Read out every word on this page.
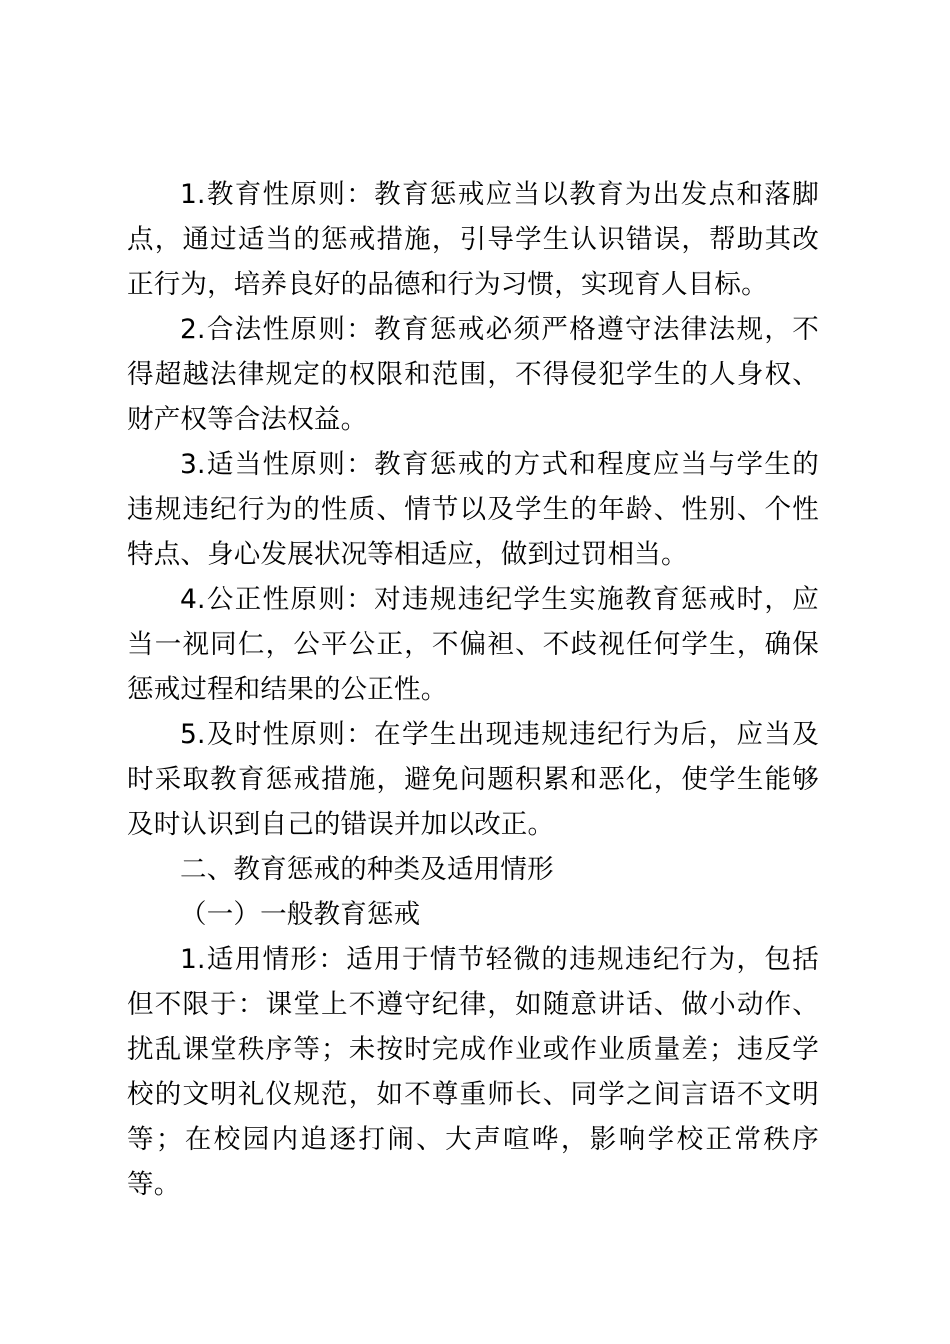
1.教育性原则：教育惩戒应当以教育为出发点和落脚点，通过适当的惩戒措施，引导学生认识错误，帮助其改正行为，培养良好的品德和行为习惯，实现育人目标。

2.合法性原则：教育惩戒必须严格遵守法律法规，不得超越法律规定的权限和范围，不得侵犯学生的人身权、财产权等合法权益。

3.适当性原则：教育惩戒的方式和程度应当与学生的违规违纪行为的性质、情节以及学生的年龄、性别、个性特点、身心发展状况等相适应，做到过罚相当。

4.公正性原则：对违规违纪学生实施教育惩戒时，应当一视同仁，公平公正，不偏袒、不歧视任何学生，确保惩戒过程和结果的公正性。

5.及时性原则：在学生出现违规违纪行为后，应当及时采取教育惩戒措施，避免问题积累和恶化，使学生能够及时认识到自己的错误并加以改正。

二、教育惩戒的种类及适用情形

（一）一般教育惩戒

1.适用情形：适用于情节轻微的违规违纪行为，包括但不限于：课堂上不遵守纪律，如随意讲话、做小动作、扰乱课堂秩序等；未按时完成作业或作业质量差；违反学校的文明礼仪规范，如不尊重师长、同学之间言语不文明等；在校园内追逐打闹、大声喧哗，影响学校正常秩序等。
